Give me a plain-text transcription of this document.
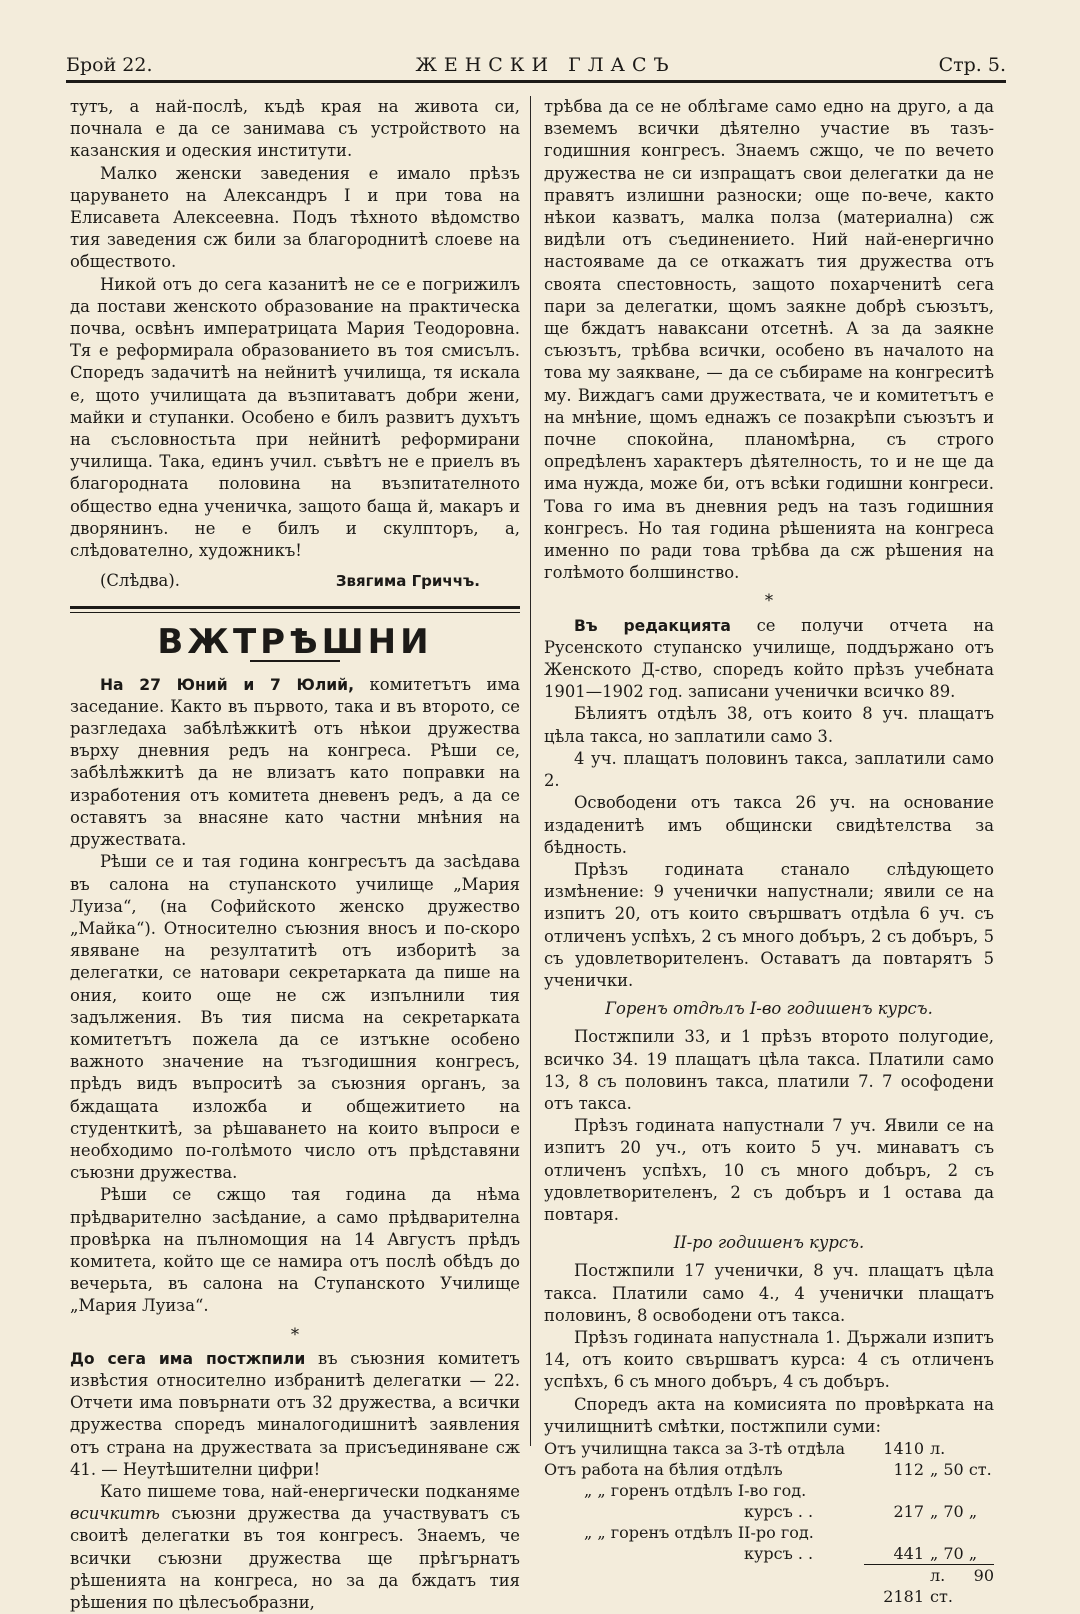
Брой 22.	ЖЕНСКИ ГЛАСЪ	Стр. 5.

тутъ, а най-послѣ, къдѣ края на живота си, почнала е да се занимава съ устройството на казанския и одеския институти.

Малко женски заведения е имало прѣзъ царуването на Александръ I и при това на Елисавета Алексеевна. Подъ тѣхното вѣдомство тия заведения сж били за благороднитѣ слоеве на обществото.

Никой отъ до сега казанитѣ не се е погрижилъ да постави женското образование на практическа почва, освѣнъ императрицата Мария Теодоровна. Тя е реформирала образованието въ тоя смисълъ. Споредъ задачитѣ на нейнитѣ училища, тя искала е, щото училищата да възпитаватъ добри жени, майки и ступанки. Особено е билъ развитъ духътъ на съсловностьта при нейнитѣ реформирани училища. Така, единъ учил. съвѣтъ не е приелъ въ благородната половина на възпитателното общество една ученичка, защото баща й, макаръ и дворянинъ. не е билъ и скулпторъ, а, слѣдователно, художникъ!

(Слѣдва).	Звягима Гриччъ.
ВЖТРѢШНИ

На 27 Юний и 7 Юлий, комитетътъ има заседание. Както въ първото, така и въ второто, се разгледаха забѣлѣжкитѣ отъ нѣкои дружества върху дневния редъ на конгреса. Рѣши се, забѣлѣжкитѣ да не влизатъ като поправки на изработения отъ комитета дневенъ редъ, а да се оставятъ за внасяне като частни мнѣния на дружествата.

Рѣши се и тая година конгресътъ да засѣдава въ салона на ступанското училище „Мария Луиза“, (на Софийското женско дружество „Майка“). Относително съюзния вносъ и по-скоро явяване на резултатитѣ отъ изборитѣ за делегатки, се натовари секретарката да пише на ония, които още не сж изпълнили тия задължения. Въ тия писма на секретарката комитетътъ пожела да се изтъкне особено важното значение на тъзгодишния конгресъ, прѣдъ видъ въпроситѣ за съюзния органъ, за бждащата изложба и общежитието на студенткитѣ, за рѣшаването на които въпроси е необходимо по-голѣмото число отъ прѣдставяни съюзни дружества.

Рѣши се сжщо тая година да нѣма прѣдварително засѣдание, а само прѣдварителна провѣрка на пълномощия на 14 Августъ прѣдъ комитета, който ще се намира отъ послѣ обѣдъ до вечерьта, въ салона на Ступанското Училище „Мария Луиза“.

*

До сега има постжпили въ съюзния комитетъ извѣстия относително избранитѣ делегатки — 22. Отчети има повърнати отъ 32 дружества, а всички дружества споредъ миналогодишнитѣ заявления отъ страна на дружествата за присъединяване сж 41. — Неутѣшителни цифри!

Като пишеме това, най-енергически подканяме всичкитѣ съюзни дружества да участвуватъ съ своитѣ делегатки въ тоя конгресъ. Знаемъ, че всички съюзни дружества ще прѣгърнатъ рѣшенията на конгреса, но за да бждатъ тия рѣшения по цѣлесъобразни,

трѣбва да се не облѣгаме само едно на друго, а да вземемъ всички дѣятелно участие въ тазъ-годишния конгресъ. Знаемъ сжщо, че по вечето дружества не си изпращатъ свои делегатки да не правятъ излишни разноски; още по-вече, както нѣкои казватъ, малка полза (материална) сж видѣли отъ съединението. Ний най-енергично настояваме да се откажатъ тия дружества отъ своята спестовность, защото похарченитѣ сега пари за делегатки, щомъ заякне добрѣ съюзътъ, ще бждатъ наваксани отсетнѣ. А за да заякне съюзътъ, трѣбва всички, особено въ началото на това му заякване, — да се събираме на конгреситѣ му. Виждагъ сами дружествата, че и комитетътъ е на мнѣние, щомъ еднажъ се позакрѣпи съюзътъ и почне спокойна, планомѣрна, съ строго опредѣленъ характеръ дѣятелность, то и не ще да има нужда, може би, отъ всѣки годишни конгреси. Това го има въ дневния редъ на тазъ годишния конгресъ. Но тая година рѣшенията на конгреса именно по ради това трѣбва да сж рѣшения на голѣмото болшинство.

*

Въ редакцията се получи отчета на Русенското ступанско училище, поддържано отъ Женското Д-ство, споредъ който прѣзъ учебната 1901—1902 год. записани ученички всичко 89.

Бѣлиятъ отдѣлъ 38, отъ които 8 уч. плащатъ цѣла такса, но заплатили само 3.

4 уч. плащатъ половинъ такса, заплатили само 2.

Освободени отъ такса 26 уч. на основание издаденитѣ имъ общински свидѣтелства за бѣдность.

Прѣзъ годината станало слѣдующето измѣнение: 9 ученички напустнали; явили се на изпитъ 20, отъ които свършватъ отдѣла 6 уч. съ отличенъ успѣхъ, 2 съ много добъръ, 2 съ добъръ, 5 съ удовлетворителенъ. Оставатъ да повтарятъ 5 ученички.

Горенъ отдѣлъ I-во годишенъ курсъ.

Постжпили 33, и 1 прѣзъ второто полугодие, всичко 34. 19 плащатъ цѣла такса. Платили само 13, 8 съ половинъ такса, платили 7. 7 ософодени отъ такса.

Прѣзъ годината напустнали 7 уч. Явили се на изпитъ 20 уч., отъ които 5 уч. минаватъ съ отличенъ успѣхъ, 10 съ много добъръ, 2 съ удовлетворителенъ, 2 съ добъръ и 1 остава да повтаря.

II-ро годишенъ курсъ.

Постжпили 17 ученички, 8 уч. плащатъ цѣла такса. Платили само 4., 4 ученички плащатъ половинъ, 8 освободени отъ такса.

Прѣзъ годината напустнала 1. Държали изпитъ 14, отъ които свършватъ курса: 4 съ отличенъ успѣхъ, 6 съ много добъръ, 4 съ добъръ.

Споредъ акта на комисията по провѣрката на училищнитѣ смѣтки, постжпили суми:

Отъ училищна такса за 3-тѣ отдѣла	1410	л.
Отъ работа на бѣлия отдѣлъ	112	„ 50 ст.
„ „ горенъ отдѣлъ I-во год.		
курсъ . .	217	„ 70 „
„ „ горенъ отдѣлъ II-ро год.		
курсъ . .	441	„ 70 „
	2181	л. 90 ст.
